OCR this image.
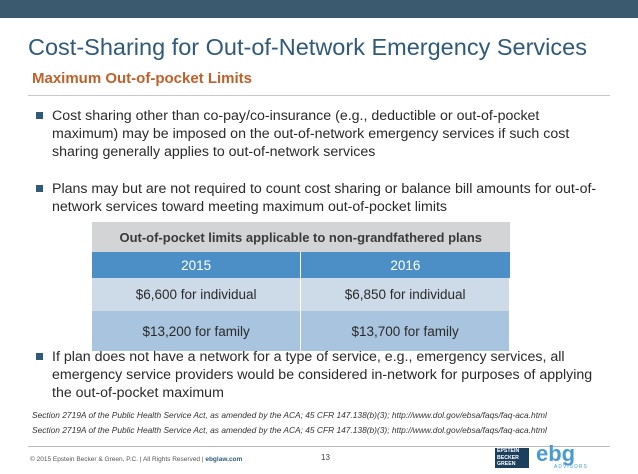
Cost-Sharing for Out-of-Network Emergency Services
Maximum Out-of-pocket Limits
Cost sharing other than co-pay/co-insurance (e.g., deductible or out-of-pocket maximum) may be imposed on the out-of-network emergency services if such cost sharing generally applies to out-of-network services
Plans may but are not required to count cost sharing or balance bill amounts for out-of-network services toward meeting maximum out-of-pocket limits
Out-of-pocket limits applicable to non-grandfathered plans	
2015	2016
$6,600 for individual	$6,850 for individual
$13,200 for family	$13,700 for family
If plan does not have a network for a type of service, e.g., emergency services, all emergency service providers would be considered in-network for purposes of applying the out-of-pocket maximum
Section 2719A of the Public Health Service Act, as amended by the ACA; 45 CFR 147.138(b)(3); http://www.dol.gov/ebsa/faqs/faq-aca.html
Section 2719A of the Public Health Service Act, as amended by the ACA; 45 CFR 147.138(b)(3); http://www.dol.gov/ebsa/faqs/faq-aca.html
© 2015 Epstein Becker & Green, P.C. | All Rights Reserved | ebglaw.com	13
EPSTEIN
BECKER
GREEN ebg
ADVISORS
